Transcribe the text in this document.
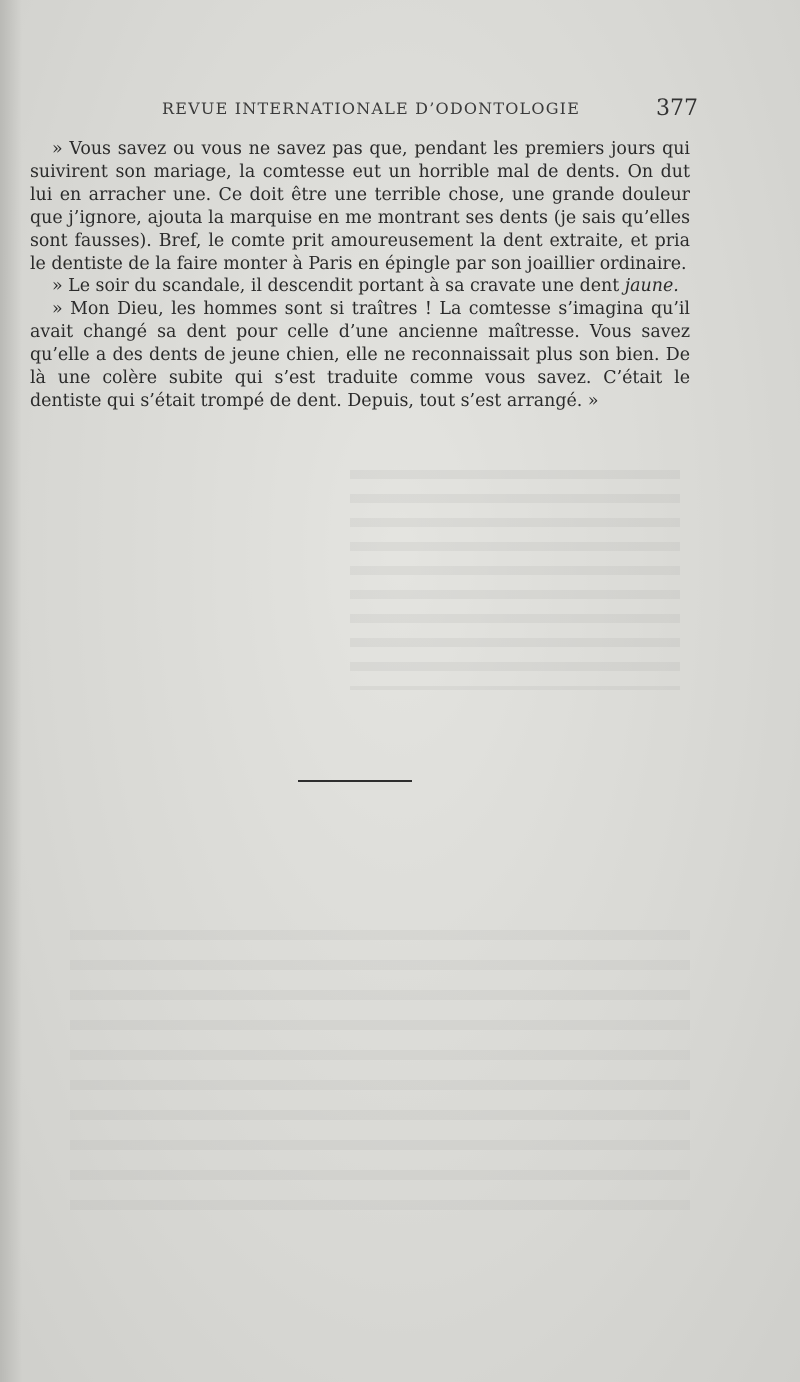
REVUE INTERNATIONALE D’ODONTOLOGIE	377

» Vous savez ou vous ne savez pas que, pendant les premiers jours qui suivirent son mariage, la comtesse eut un horrible mal de dents. On dut lui en arracher une. Ce doit être une terrible chose, une grande douleur que j’ignore, ajouta la marquise en me montrant ses dents (je sais qu’elles sont fausses). Bref, le comte prit amoureusement la dent extraite, et pria le dentiste de la faire monter à Paris en épingle par son joaillier ordinaire.

» Le soir du scandale, il descendit portant à sa cravate une dent jaune.

» Mon Dieu, les hommes sont si traîtres ! La comtesse s’imagina qu’il avait changé sa dent pour celle d’une ancienne maîtresse. Vous savez qu’elle a des dents de jeune chien, elle ne reconnaissait plus son bien. De là une colère subite qui s’est traduite comme vous savez. C’était le dentiste qui s’était trompé de dent. Depuis, tout s’est arrangé. »
